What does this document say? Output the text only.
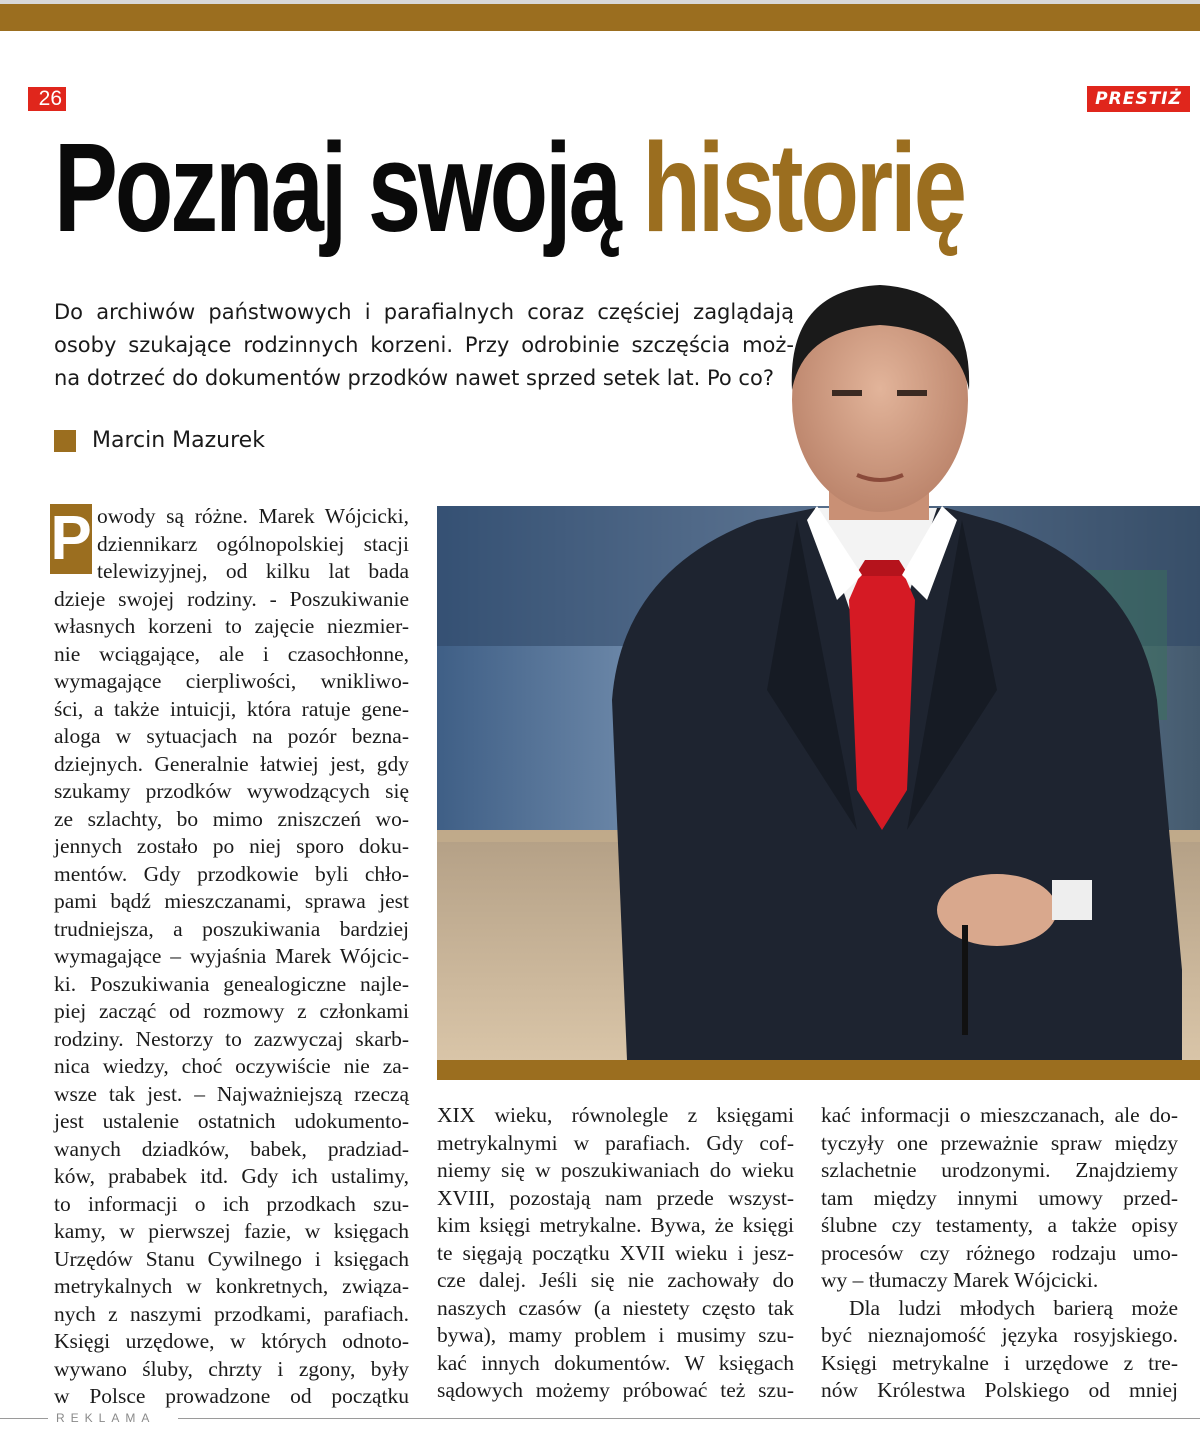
26	PRESTIŻ
Poznaj swoją historię
Do archiwów państwowych i parafialnych coraz częściej zaglądają
osoby szukające rodzinnych korzeni. Przy odrobinie szczęścia moż-
na dotrzeć do dokumentów przodków nawet sprzed setek lat. Po co?
Marcin Mazurek
P owody są różne. Marek Wójcicki,
dziennikarz ogólnopolskiej stacji
telewizyjnej, od kilku lat bada
dzieje swojej rodziny. - Poszukiwanie
własnych korzeni to zajęcie niezmier-
nie wciągające, ale i czasochłonne,
wymagające cierpliwości, wnikliwo-
ści, a także intuicji, która ratuje gene-
aloga w sytuacjach na pozór bezna-
dziejnych. Generalnie łatwiej jest, gdy
szukamy przodków wywodzących się
ze szlachty, bo mimo zniszczeń wo-
jennych zostało po niej sporo doku-
mentów. Gdy przodkowie byli chło-
pami bądź mieszczanami, sprawa jest
trudniejsza, a poszukiwania bardziej
wymagające – wyjaśnia Marek Wójcic-
ki. Poszukiwania genealogiczne najle-
piej zacząć od rozmowy z członkami
rodziny. Nestorzy to zazwyczaj skarb-
nica wiedzy, choć oczywiście nie za-
wsze tak jest. – Najważniejszą rzeczą
jest ustalenie ostatnich udokumento-
wanych dziadków, babek, pradziad-
ków, prababek itd. Gdy ich ustalimy,
to informacji o ich przodkach szu-
kamy, w pierwszej fazie, w księgach
Urzędów Stanu Cywilnego i księgach
metrykalnych w konkretnych, związa-
nych z naszymi przodkami, parafiach.
Księgi urzędowe, w których odnoto-
wywano śluby, chrzty i zgony, były
w Polsce prowadzone od początku
XIX wieku, równolegle z księgami
metrykalnymi w parafiach. Gdy cof-
niemy się w poszukiwaniach do wieku
XVIII, pozostają nam przede wszyst-
kim księgi metrykalne. Bywa, że księgi
te sięgają początku XVII wieku i jesz-
cze dalej. Jeśli się nie zachowały do
naszych czasów (a niestety często tak
bywa), mamy problem i musimy szu-
kać innych dokumentów. W księgach
sądowych możemy próbować też szu-
kać informacji o mieszczanach, ale do-
tyczyły one przeważnie spraw między
szlachetnie urodzonymi. Znajdziemy
tam między innymi umowy przed-
ślubne czy testamenty, a także opisy
procesów czy różnego rodzaju umo-
wy – tłumaczy Marek Wójcicki.
Dla ludzi młodych barierą może
być nieznajomość języka rosyjskiego.
Księgi metrykalne i urzędowe z tre-
nów Królestwa Polskiego od mniej
REKLAMA
